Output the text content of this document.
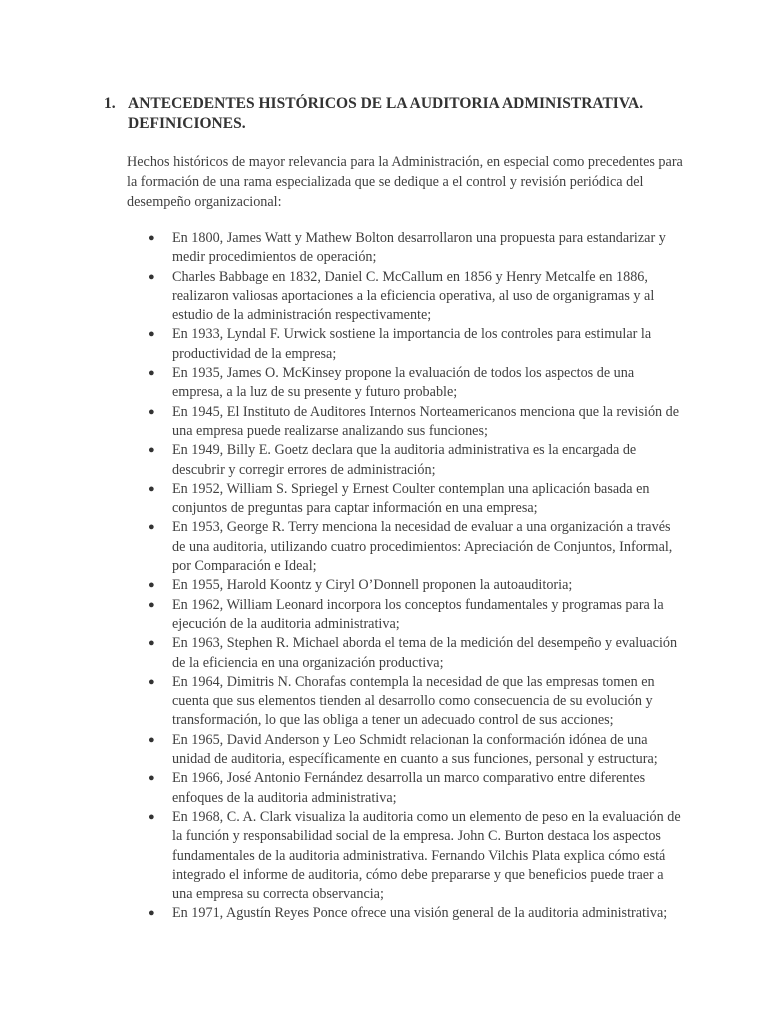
1. ANTECEDENTES HISTÓRICOS DE LA AUDITORIA ADMINISTRATIVA. DEFINICIONES.

Hechos históricos de mayor relevancia para la Administración, en especial como precedentes para la formación de una rama especializada que se dedique a el control y revisión periódica del desempeño organizacional:

● En 1800, James Watt y Mathew Bolton desarrollaron una propuesta para estandarizar y medir procedimientos de operación;
● Charles Babbage en 1832, Daniel C. McCallum en 1856 y Henry Metcalfe en 1886, realizaron valiosas aportaciones a la eficiencia operativa, al uso de organigramas y al estudio de la administración respectivamente;
● En 1933, Lyndal F. Urwick sostiene la importancia de los controles para estimular la productividad de la empresa;
● En 1935, James O. McKinsey propone la evaluación de todos los aspectos de una empresa, a la luz de su presente y futuro probable;
● En 1945, El Instituto de Auditores Internos Norteamericanos menciona que la revisión de una empresa puede realizarse analizando sus funciones;
● En 1949, Billy E. Goetz declara que la auditoria administrativa es la encargada de descubrir y corregir errores de administración;
● En 1952, William S. Spriegel y Ernest Coulter contemplan una aplicación basada en conjuntos de preguntas para captar información en una empresa;
● En 1953, George R. Terry menciona la necesidad de evaluar a una organización a través de una auditoria, utilizando cuatro procedimientos: Apreciación de Conjuntos, Informal, por Comparación e Ideal;
● En 1955, Harold Koontz y Ciryl O’Donnell proponen la autoauditoria;
● En 1962, William Leonard incorpora los conceptos fundamentales y programas para la ejecución de la auditoria administrativa;
● En 1963, Stephen R. Michael aborda el tema de la medición del desempeño y evaluación de la eficiencia en una organización productiva;
● En 1964, Dimitris N. Chorafas contempla la necesidad de que las empresas tomen en cuenta que sus elementos tienden al desarrollo como consecuencia de su evolución y transformación, lo que las obliga a tener un adecuado control de sus acciones;
● En 1965, David Anderson y Leo Schmidt relacionan la conformación idónea de una unidad de auditoria, específicamente en cuanto a sus funciones, personal y estructura;
● En 1966, José Antonio Fernández desarrolla un marco comparativo entre diferentes enfoques de la auditoria administrativa;
● En 1968, C. A. Clark visualiza la auditoria como un elemento de peso en la evaluación de la función y responsabilidad social de la empresa. John C. Burton destaca los aspectos fundamentales de la auditoria administrativa. Fernando Vilchis Plata explica cómo está integrado el informe de auditoria, cómo debe prepararse y que beneficios puede traer a una empresa su correcta observancia;
● En 1971, Agustín Reyes Ponce ofrece una visión general de la auditoria administrativa;
